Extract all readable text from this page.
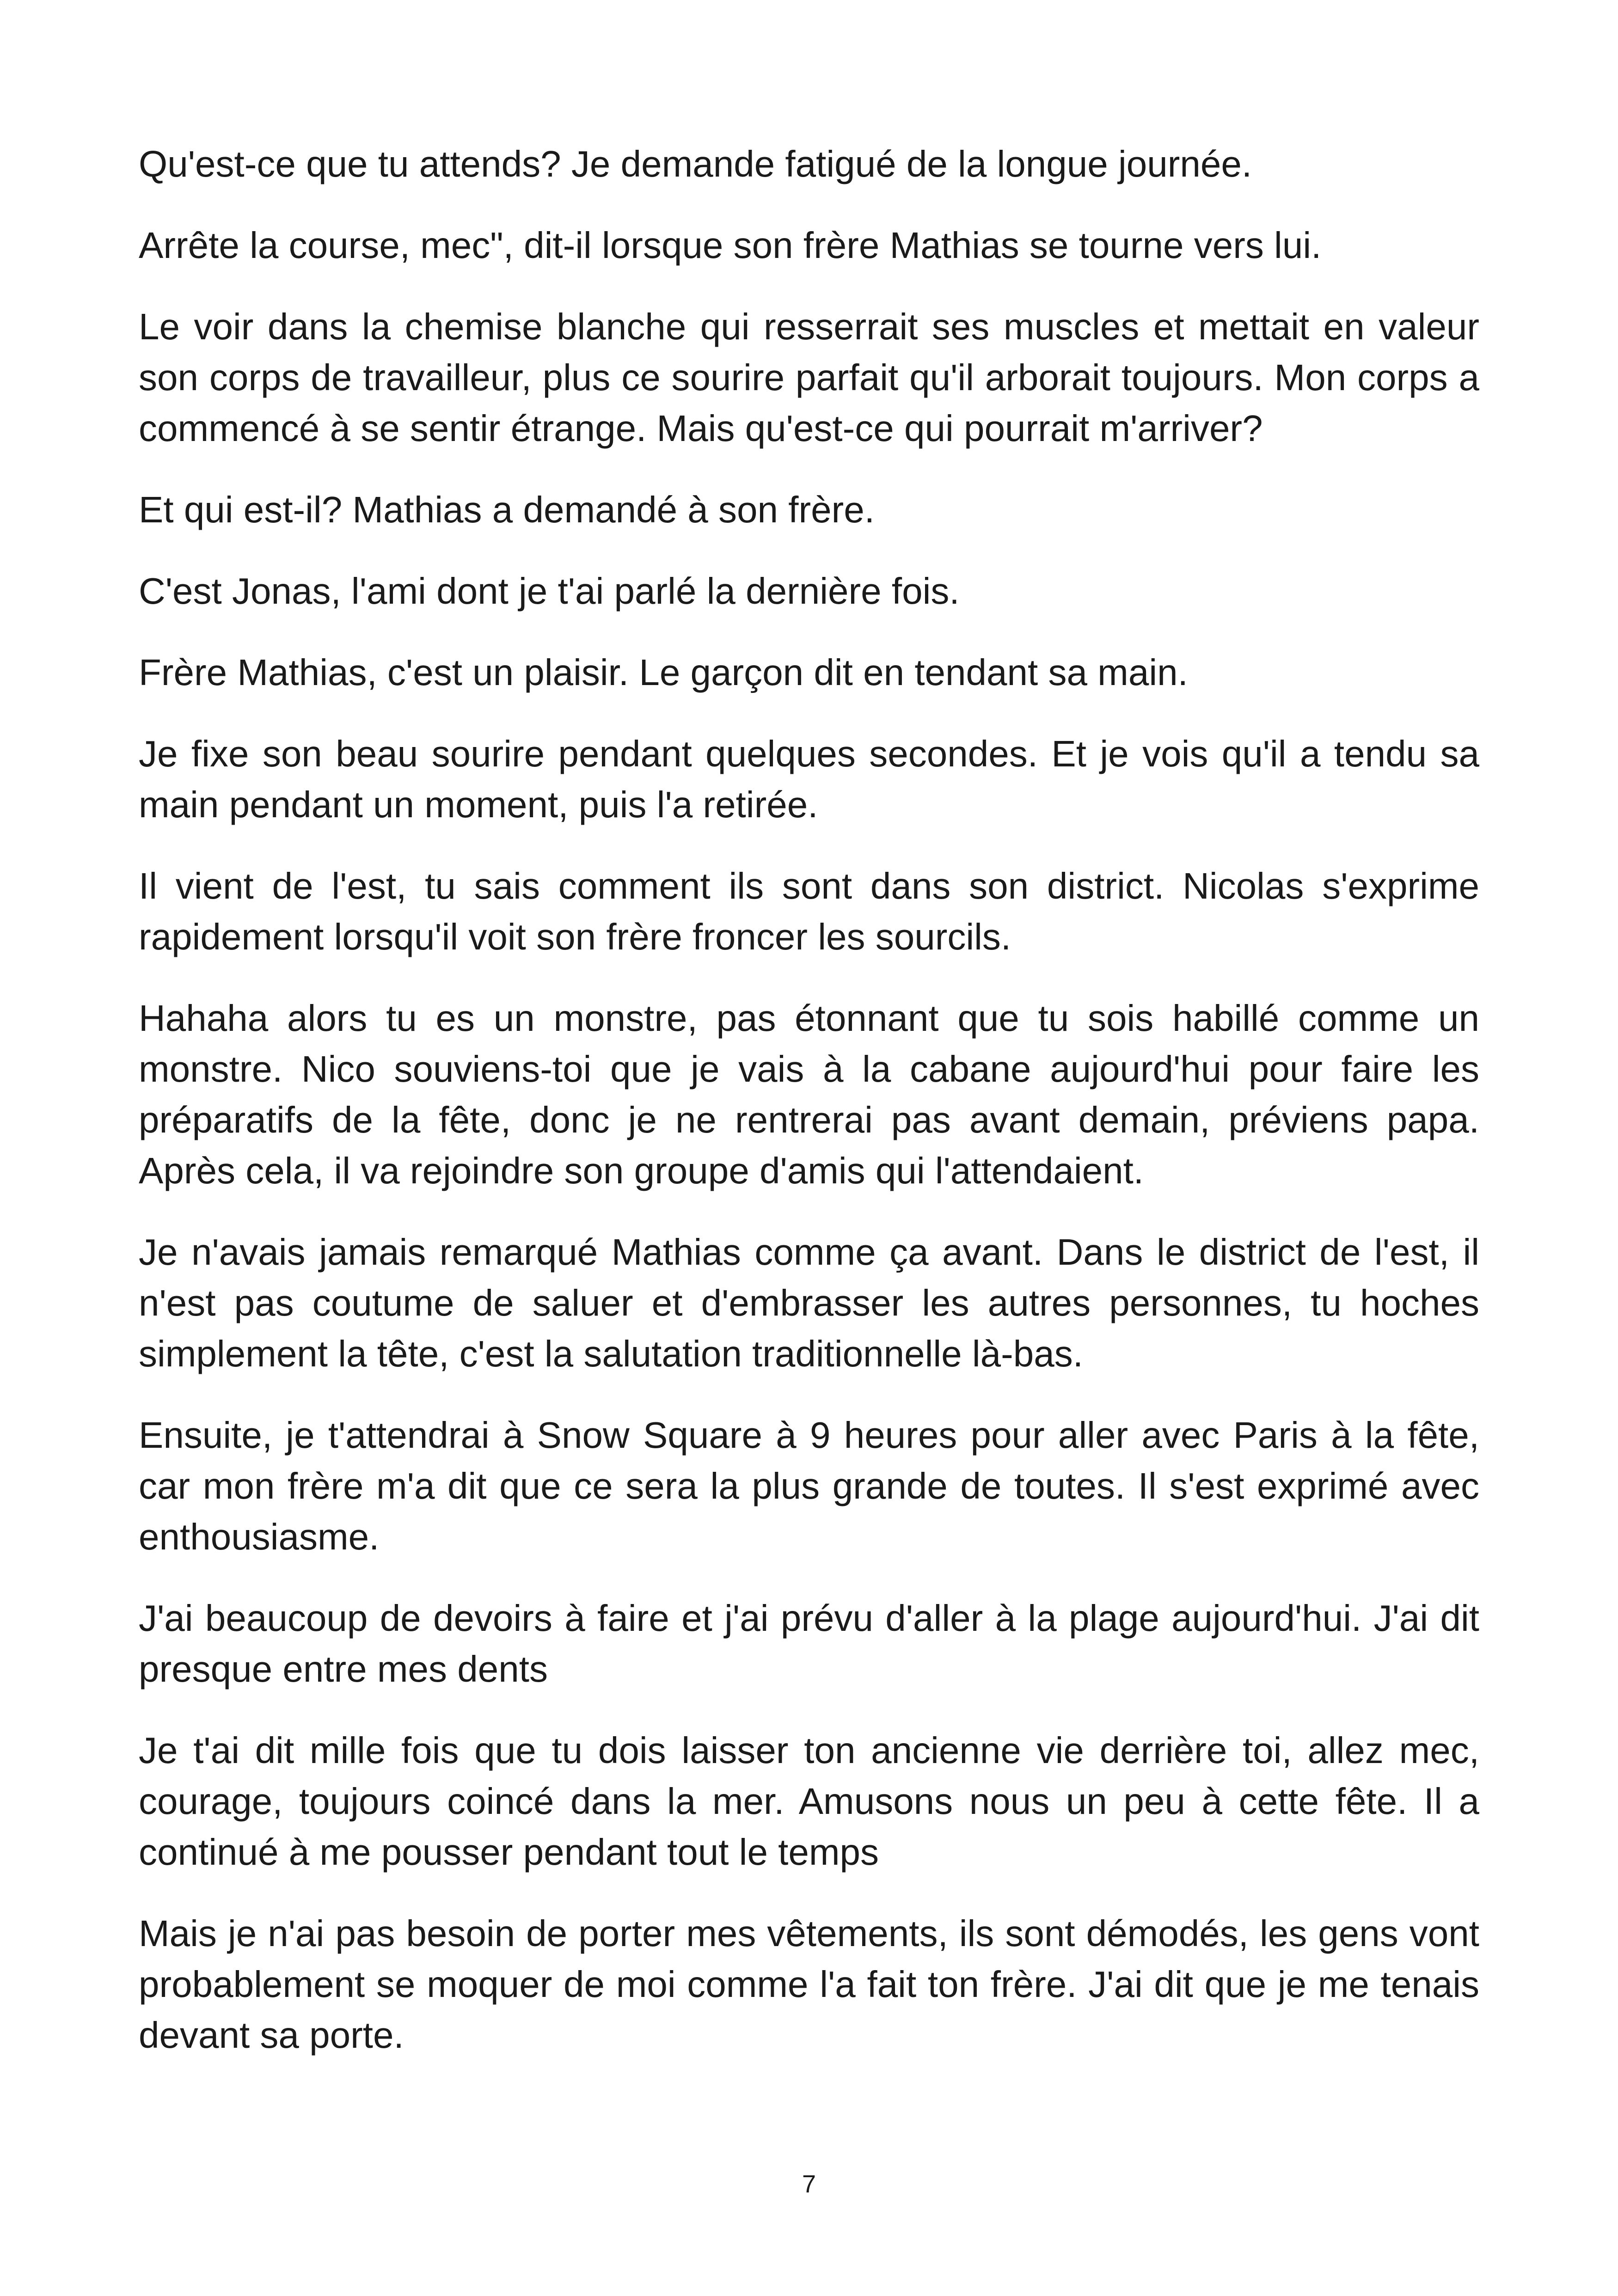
Qu'est-ce que tu attends? Je demande fatigué de la longue journée.

Arrête la course, mec", dit-il lorsque son frère Mathias se tourne vers lui.

Le voir dans la chemise blanche qui resserrait ses muscles et mettait en valeur son corps de travailleur, plus ce sourire parfait qu'il arborait toujours. Mon corps a commencé à se sentir étrange. Mais qu'est-ce qui pourrait m'arriver?

Et qui est-il? Mathias a demandé à son frère.

C'est Jonas, l'ami dont je t'ai parlé la dernière fois.

Frère Mathias, c'est un plaisir. Le garçon dit en tendant sa main.

Je fixe son beau sourire pendant quelques secondes. Et je vois qu'il a tendu sa main pendant un moment, puis l'a retirée.

Il vient de l'est, tu sais comment ils sont dans son district. Nicolas s'exprime rapidement lorsqu'il voit son frère froncer les sourcils.

Hahaha alors tu es un monstre, pas étonnant que tu sois habillé comme un monstre. Nico souviens-toi que je vais à la cabane aujourd'hui pour faire les préparatifs de la fête, donc je ne rentrerai pas avant demain, préviens papa. Après cela, il va rejoindre son groupe d'amis qui l'attendaient.

Je n'avais jamais remarqué Mathias comme ça avant. Dans le district de l'est, il n'est pas coutume de saluer et d'embrasser les autres personnes, tu hoches simplement la tête, c'est la salutation traditionnelle là-bas.

Ensuite, je t'attendrai à Snow Square à 9 heures pour aller avec Paris à la fête, car mon frère m'a dit que ce sera la plus grande de toutes. Il s'est exprimé avec enthousiasme.

J'ai beaucoup de devoirs à faire et j'ai prévu d'aller à la plage aujourd'hui. J'ai dit presque entre mes dents

Je t'ai dit mille fois que tu dois laisser ton ancienne vie derrière toi, allez mec, courage, toujours coincé dans la mer. Amusons nous un peu à cette fête. Il a continué à me pousser pendant tout le temps

Mais je n'ai pas besoin de porter mes vêtements, ils sont démodés, les gens vont probablement se moquer de moi comme l'a fait ton frère. J'ai dit que je me tenais devant sa porte.

7
